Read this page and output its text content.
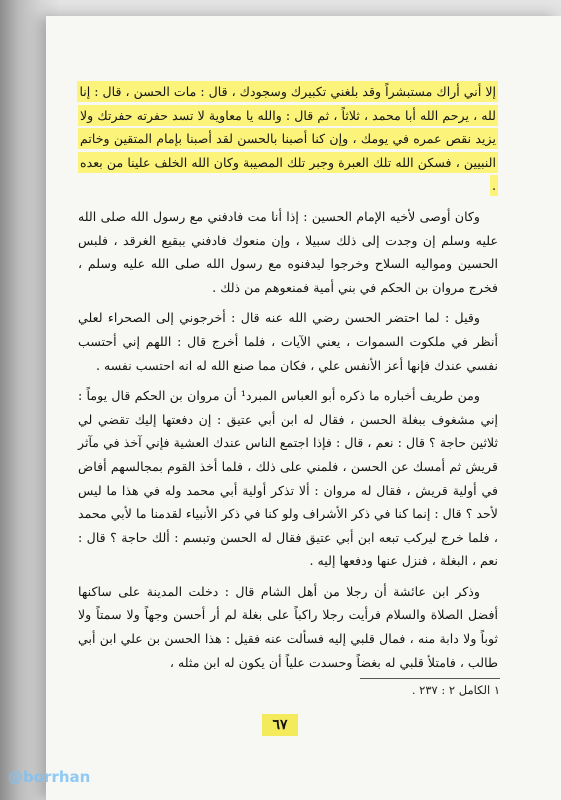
إلا أني أراك مستبشراً وقد بلغني تكبيرك وسجودك ، قال : مات الحسن ، قال : إنا لله ، يرحم الله أبا محمد ، ثلاثاً ، ثم قال : والله يا معاوية لا تسد حفرته حفرتك ولا يزيد نقص عمره في يومك ، وإن كنا أصبنا بالحسن لقد أصبنا بإمام المتقين وخاتم النبيين ، فسكن الله تلك العبرة وجبر تلك المصيبة وكان الله الخلف علينا من بعده .

وكان أوصى لأخيه الإمام الحسين : إذا أنا مت فادفني مع رسول الله صلى الله عليه وسلم إن وجدت إلى ذلك سبيلا ، وإن منعوك فادفني ببقيع الغرقد ، فلبس الحسين ومواليه السلاح وخرجوا ليدفنوه مع رسول الله صلى الله عليه وسلم ، فخرج مروان بن الحكم في بني أمية فمنعوهم من ذلك .

وقيل : لما احتضر الحسن رضي الله عنه قال : أخرجوني إلى الصحراء لعلي أنظر في ملكوت السموات ، يعني الآيات ، فلما أخرج قال : اللهم إني أحتسب نفسي عندك فإنها أعز الأنفس علي ، فكان مما صنع الله له انه احتسب نفسه .

ومن طريف أخباره ما ذكره أبو العباس المبرد¹ أن مروان بن الحكم قال يوماً : إني مشغوف ببغلة الحسن ، فقال له ابن أبي عتيق : إن دفعتها إليك تقضي لي ثلاثين حاجة ؟ قال : نعم ، قال : فإذا اجتمع الناس عندك العشية فإني آخذ في مآثر قريش ثم أمسك عن الحسن ، فلمني على ذلك ، فلما أخذ القوم بمجالسهم أفاض في أولية قريش ، فقال له مروان : ألا تذكر أولية أبي محمد وله في هذا ما ليس لأحد ؟ قال : إنما كنا في ذكر الأشراف ولو كنا في ذكر الأنبياء لقدمنا ما لأبي محمد ، فلما خرج ليركب تبعه ابن أبي عتيق فقال له الحسن وتبسم : ألك حاجة ؟ قال : نعم ، البغلة ، فنزل عنها ودفعها إليه .

وذكر ابن عائشة أن رجلا من أهل الشام قال : دخلت المدينة على ساكنها أفضل الصلاة والسلام فرأيت رجلا راكباً على بغلة لم أر أحسن وجهاً ولا سمتاً ولا ثوباً ولا دابة منه ، فمال قلبي إليه فسألت عنه فقيل : هذا الحسن بن علي ابن أبي طالب ، فامتلأ قلبي له بغضاً وحسدت علياً أن يكون له ابن مثله ،

١ الكامل ٢ : ٢٣٧ .
٦٧
@borrhan
